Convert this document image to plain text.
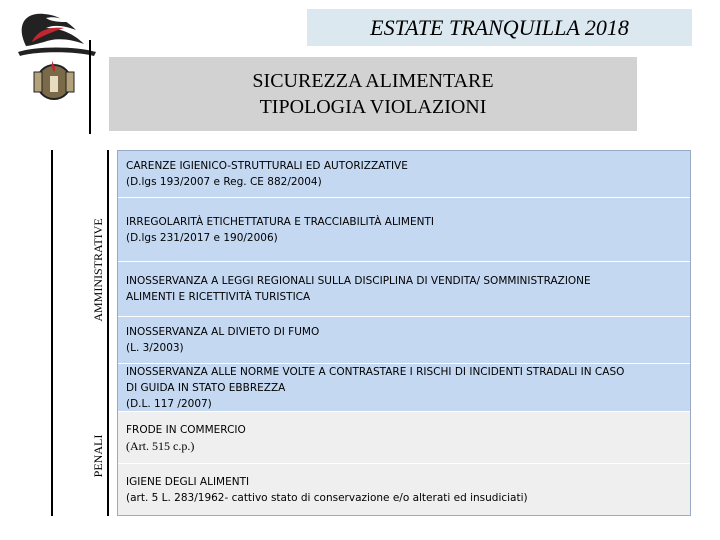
ESTATE TRANQUILLA 2018
SICUREZZA ALIMENTARE
TIPOLOGIA VIOLAZIONI
AMMINISTRATIVE
PENALI
CARENZE IGIENICO-STRUTTURALI ED AUTORIZZATIVE
(D.lgs 193/2007 e Reg. CE 882/2004)
IRREGOLARITÀ ETICHETTATURA E TRACCIABILITÀ ALIMENTI
(D.lgs 231/2017 e 190/2006)
INOSSERVANZA A LEGGI REGIONALI SULLA DISCIPLINA DI VENDITA/ SOMMINISTRAZIONE
ALIMENTI E RICETTIVITÀ TURISTICA
INOSSERVANZA AL DIVIETO DI FUMO
(L. 3/2003)
INOSSERVANZA ALLE NORME VOLTE A CONTRASTARE I RISCHI DI INCIDENTI STRADALI IN CASO
DI GUIDA IN STATO EBBREZZA
(D.L. 117 /2007)
FRODE IN COMMERCIO
(Art. 515 c.p.)
IGIENE DEGLI ALIMENTI
(art. 5 L. 283/1962- cattivo stato di conservazione e/o alterati ed insudiciati)
